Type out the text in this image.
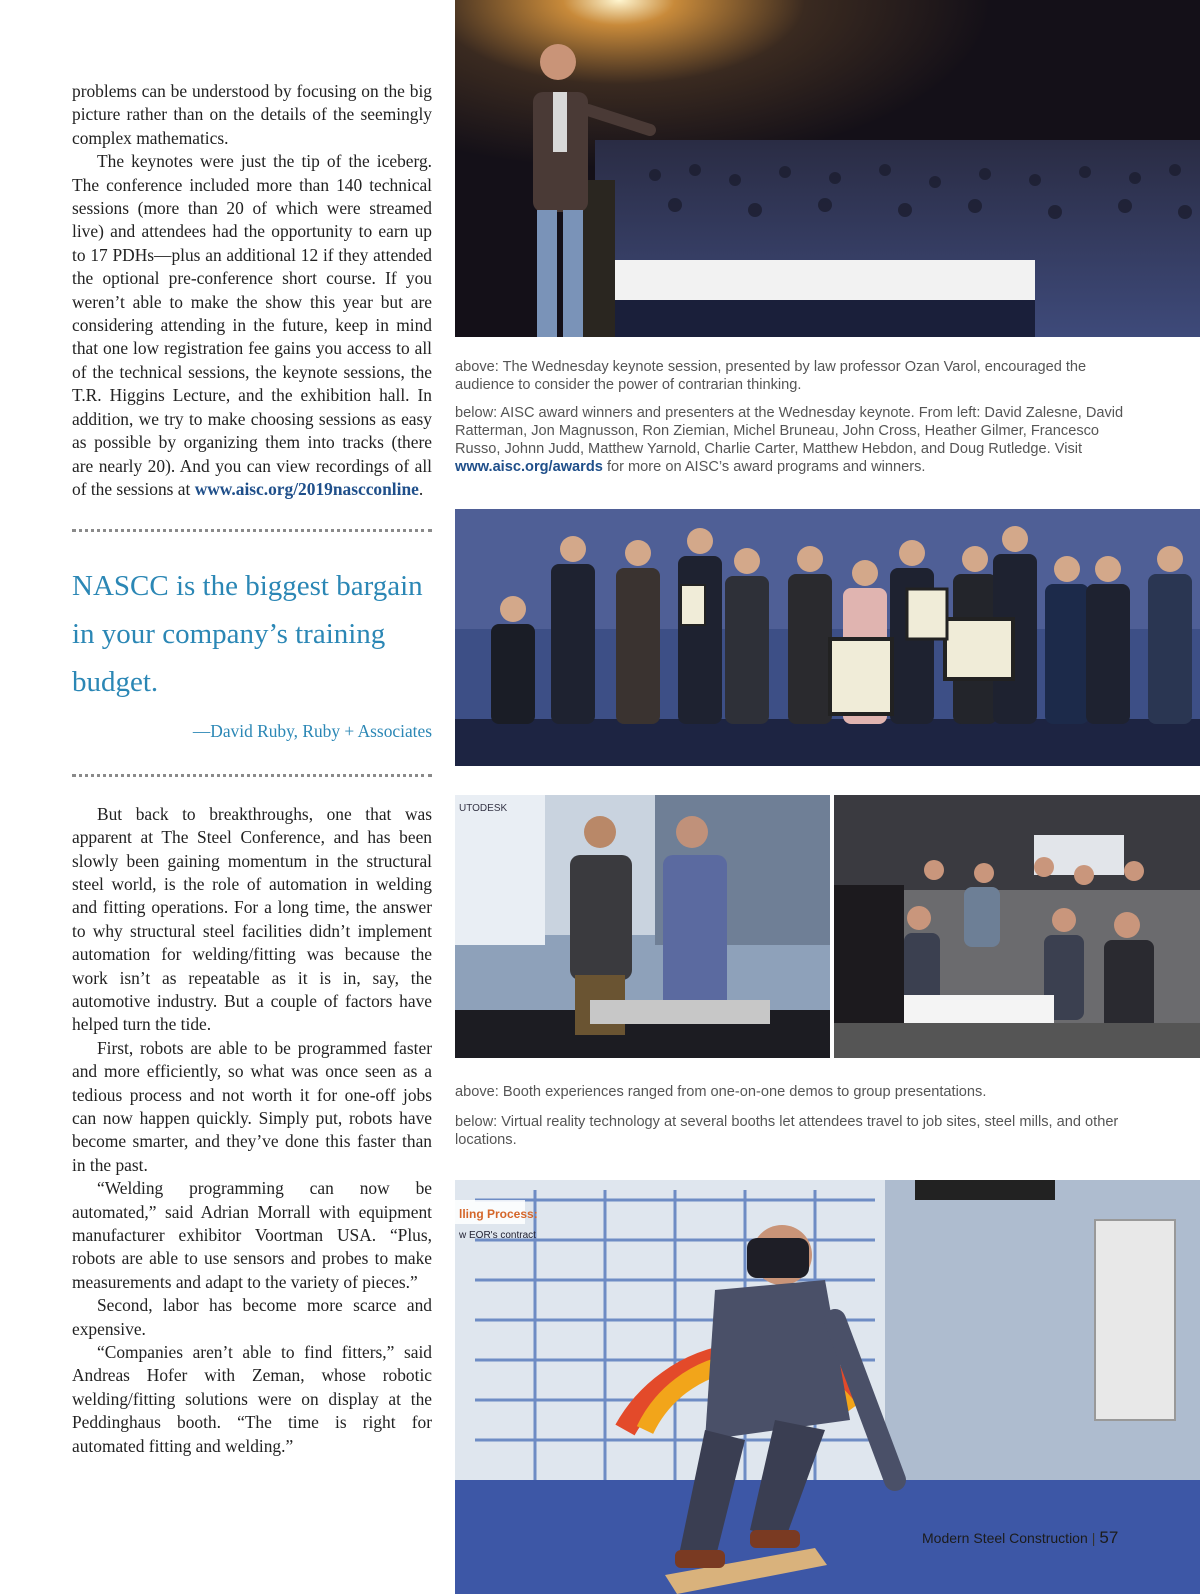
problems can be understood by focusing on the big picture rather than on the details of the seemingly complex mathematics.

The keynotes were just the tip of the iceberg. The conference included more than 140 technical sessions (more than 20 of which were streamed live) and attendees had the opportunity to earn up to 17 PDHs—plus an additional 12 if they attended the optional pre-conference short course. If you weren’t able to make the show this year but are considering attending in the future, keep in mind that one low registration fee gains you access to all of the technical sessions, the keynote sessions, the T.R. Higgins Lecture, and the exhibition hall. In addition, we try to make choosing sessions as easy as possible by organizing them into tracks (there are nearly 20). And you can view recordings of all of the sessions at www.aisc.org/2019nascconline.

NASCC is the biggest bargain in your company’s training budget.

—David Ruby, Ruby + Associates

But back to breakthroughs, one that was apparent at The Steel Conference, and has been slowly been gaining momentum in the structural steel world, is the role of automation in welding and fitting operations. For a long time, the answer to why structural steel facilities didn’t implement automation for welding/fitting was because the work isn’t as repeatable as it is in, say, the automotive industry. But a couple of factors have helped turn the tide.

First, robots are able to be programmed faster and more efficiently, so what was once seen as a tedious process and not worth it for one-off jobs can now happen quickly. Simply put, robots have become smarter, and they’ve done this faster than in the past.

“Welding programming can now be automated,” said Adrian Morrall with equipment manufacturer exhibitor Voortman USA. “Plus, robots are able to use sensors and probes to make measurements and adapt to the variety of pieces.”

Second, labor has become more scarce and expensive.

“Companies aren’t able to find fitters,” said Andreas Hofer with Zeman, whose robotic welding/fitting solutions were on display at the Peddinghaus booth. “The time is right for automated fitting and welding.”

above: The Wednesday keynote session, presented by law professor Ozan Varol, encouraged the audience to consider the power of contrarian thinking.

below: AISC award winners and presenters at the Wednesday keynote. From left: David Zalesne, David Ratterman, Jon Magnusson, Ron Ziemian, Michel Bruneau, John Cross, Heather Gilmer, Francesco Russo, Johnn Judd, Matthew Yarnold, Charlie Carter, Matthew Hebdon, and Doug Rutledge. Visit www.aisc.org/awards for more on AISC’s award programs and winners.

UTODESK

above: Booth experiences ranged from one-on-one demos to group presentations.

below: Virtual reality technology at several booths let attendees travel to job sites, steel mills, and other locations.

lling Process:
w EOR's contract
Modern Steel Construction | 57
